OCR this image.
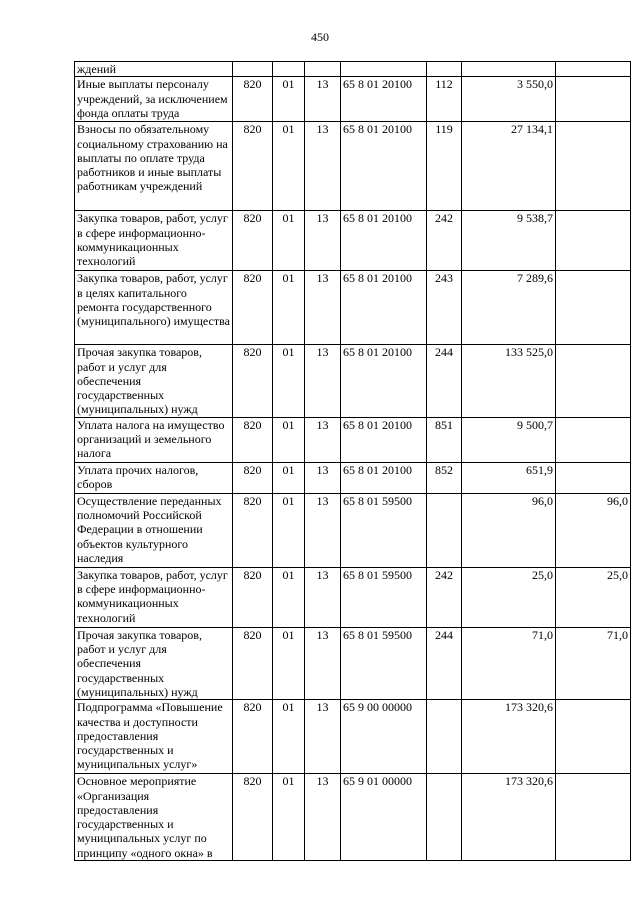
450
ждений							

Иные выплаты персоналу учреждений, за исключением фонда оплаты труда	820	01	13	65 8 01 20100	112	3 550,0	

Взносы по обязательному социальному страхованию на выплаты по оплате труда работников и иные выплаты работникам учреждений	820	01	13	65 8 01 20100	119	27 134,1	

Закупка товаров, работ, услуг в сфере информационно-коммуникационных технологий	820	01	13	65 8 01 20100	242	9 538,7	

Закупка товаров, работ, услуг в целях капитального ремонта государственного (муниципального) имущества	820	01	13	65 8 01 20100	243	7 289,6	

Прочая закупка товаров, работ и услуг для обеспечения государственных (муниципальных) нужд	820	01	13	65 8 01 20100	244	133 525,0	

Уплата налога на имущество организаций и земельного налога	820	01	13	65 8 01 20100	851	9 500,7	

Уплата прочих налогов, сборов	820	01	13	65 8 01 20100	852	651,9	

Осуществление переданных полномочий Российской Федерации в отношении объектов культурного наследия	820	01	13	65 8 01 59500		96,0	96,0

Закупка товаров, работ, услуг в сфере информационно-коммуникационных технологий	820	01	13	65 8 01 59500	242	25,0	25,0

Прочая закупка товаров, работ и услуг для обеспечения государственных (муниципальных) нужд	820	01	13	65 8 01 59500	244	71,0	71,0

Подпрограмма «Повышение качества и доступности предоставления государственных и муниципальных услуг»	820	01	13	65 9 00 00000		173 320,6	

Основное мероприятие «Организация предоставления государственных и муниципальных услуг по принципу «одного окна» в	820	01	13	65 9 01 00000		173 320,6	
